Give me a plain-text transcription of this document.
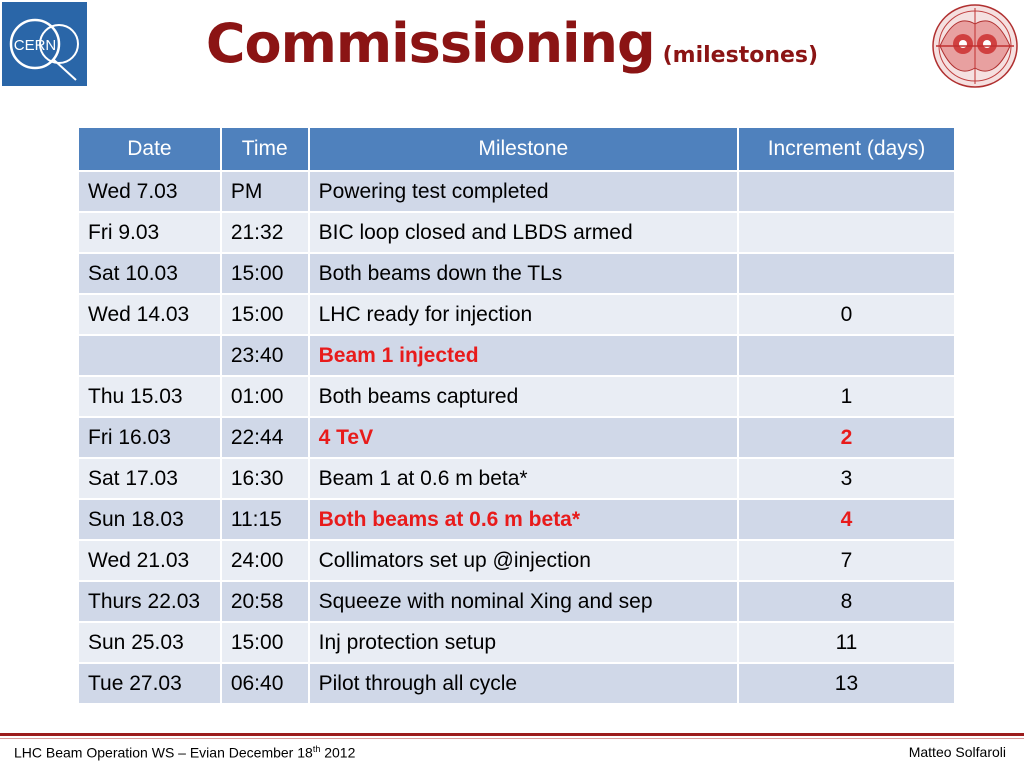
CERN	Commissioning (milestones)
Date	Time	Milestone	Increment (days)
Wed 7.03	PM	Powering test completed	
Fri 9.03	21:32	BIC loop closed and LBDS armed	
Sat 10.03	15:00	Both beams down the TLs	
Wed 14.03	15:00	LHC ready for injection	0
	23:40	Beam 1 injected	
Thu 15.03	01:00	Both beams captured	1
Fri 16.03	22:44	4 TeV	2
Sat 17.03	16:30	Beam 1 at 0.6 m beta*	3
Sun 18.03	11:15	Both beams at 0.6 m beta*	4
Wed 21.03	24:00	Collimators set up @injection	7
Thurs 22.03	20:58	Squeeze with nominal Xing and sep	8
Sun 25.03	15:00	Inj protection setup	11
Tue 27.03	06:40	Pilot through all cycle	13
LHC Beam Operation WS – Evian December 18th 2012	Matteo Solfaroli
